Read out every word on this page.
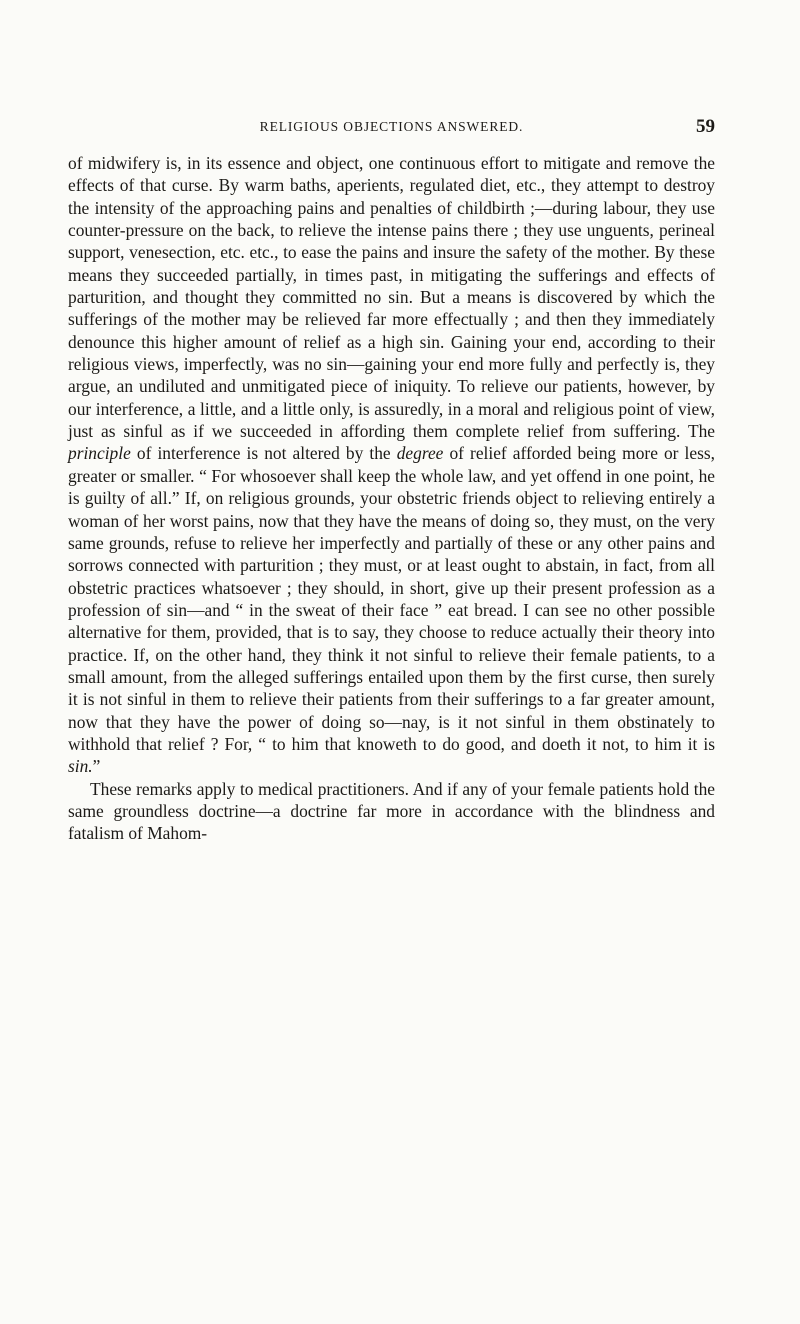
RELIGIOUS OBJECTIONS ANSWERED.	59

of midwifery is, in its essence and object, one continuous effort to mitigate and remove the effects of that curse. By warm baths, aperients, regulated diet, etc., they attempt to destroy the intensity of the approaching pains and penalties of childbirth ;—during labour, they use counter-pressure on the back, to relieve the intense pains there ; they use unguents, perineal support, venesection, etc. etc., to ease the pains and insure the safety of the mother. By these means they succeeded partially, in times past, in mitigating the sufferings and effects of parturition, and thought they committed no sin. But a means is discovered by which the sufferings of the mother may be relieved far more effectually ; and then they immediately denounce this higher amount of relief as a high sin. Gaining your end, according to their religious views, imperfectly, was no sin—gaining your end more fully and perfectly is, they argue, an undiluted and unmitigated piece of iniquity. To relieve our patients, however, by our interference, a little, and a little only, is assuredly, in a moral and religious point of view, just as sinful as if we succeeded in affording them complete relief from suffering. The principle of interference is not altered by the degree of relief afforded being more or less, greater or smaller. “ For whosoever shall keep the whole law, and yet offend in one point, he is guilty of all.” If, on religious grounds, your obstetric friends object to relieving entirely a woman of her worst pains, now that they have the means of doing so, they must, on the very same grounds, refuse to relieve her imperfectly and partially of these or any other pains and sorrows connected with parturition ; they must, or at least ought to abstain, in fact, from all obstetric practices whatsoever ; they should, in short, give up their present profession as a profession of sin—and “ in the sweat of their face ” eat bread. I can see no other possible alternative for them, provided, that is to say, they choose to reduce actually their theory into practice. If, on the other hand, they think it not sinful to relieve their female patients, to a small amount, from the alleged sufferings entailed upon them by the first curse, then surely it is not sinful in them to relieve their patients from their sufferings to a far greater amount, now that they have the power of doing so—nay, is it not sinful in them obstinately to withhold that relief ? For, “ to him that knoweth to do good, and doeth it not, to him it is sin.”

These remarks apply to medical practitioners. And if any of your female patients hold the same groundless doctrine—a doctrine far more in accordance with the blindness and fatalism of Mahom-
